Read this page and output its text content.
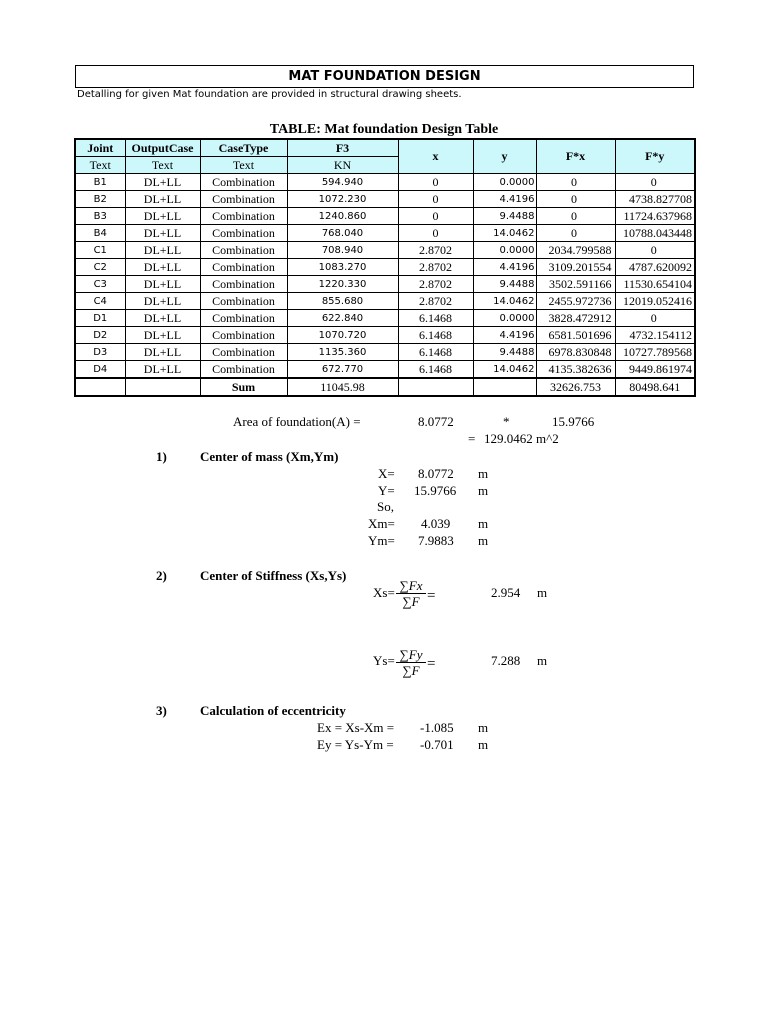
MAT FOUNDATION DESIGN
Detalling for given Mat foundation are provided in structural drawing sheets.
TABLE: Mat foundation Design Table
Joint	OutputCase	CaseType	F3	x	y	F*x	F*y
Text	Text	Text	KN				
B1	DL+LL	Combination	594.940	0	0.0000	0	0
B2	DL+LL	Combination	1072.230	0	4.4196	0	4738.827708
B3	DL+LL	Combination	1240.860	0	9.4488	0	11724.637968
B4	DL+LL	Combination	768.040	0	14.0462	0	10788.043448
C1	DL+LL	Combination	708.940	2.8702	0.0000	2034.799588	0
C2	DL+LL	Combination	1083.270	2.8702	4.4196	3109.201554	4787.620092
C3	DL+LL	Combination	1220.330	2.8702	9.4488	3502.591166	11530.654104
C4	DL+LL	Combination	855.680	2.8702	14.0462	2455.972736	12019.052416
D1	DL+LL	Combination	622.840	6.1468	0.0000	3828.472912	0
D2	DL+LL	Combination	1070.720	6.1468	4.4196	6581.501696	4732.154112
D3	DL+LL	Combination	1135.360	6.1468	9.4488	6978.830848	10727.789568
D4	DL+LL	Combination	672.770	6.1468	14.0462	4135.382636	9449.861974
		Sum	11045.98			32626.753	80498.641
Area of foundation(A) =	8.0772	*	15.9766
= 129.0462 m^2
1)	Center of mass (Xm,Ym)
X= 8.0772 m
Y= 15.9766 m
So,
Xm= 4.039 m
Ym= 7.9883 m
2)	Center of Stiffness (Xs,Ys)
$Xs= \frac{\sum Fx}{\sum F}$ =	2.954 m
$Ys= \frac{\sum Fy}{\sum F}$ =	7.288 m
3)	Calculation of eccentricity
Ex = Xs-Xm = -1.085 m
Ey = Ys-Ym = -0.701 m
